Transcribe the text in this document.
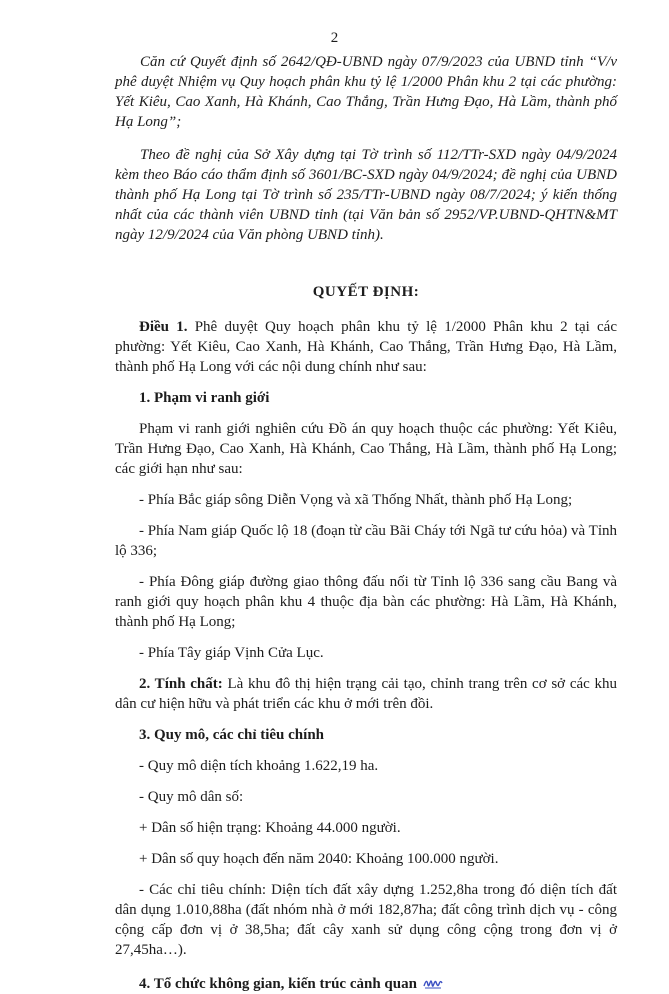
2

Căn cứ Quyết định số 2642/QĐ-UBND ngày 07/9/2023 của UBND tỉnh “V/v phê duyệt Nhiệm vụ Quy hoạch phân khu tỷ lệ 1/2000 Phân khu 2 tại các phường: Yết Kiêu, Cao Xanh, Hà Khánh, Cao Thắng, Trần Hưng Đạo, Hà Lầm, thành phố Hạ Long”;

Theo đề nghị của Sở Xây dựng tại Tờ trình số 112/TTr-SXD ngày 04/9/2024 kèm theo Báo cáo thẩm định số 3601/BC-SXD ngày 04/9/2024; đề nghị của UBND thành phố Hạ Long tại Tờ trình số 235/TTr-UBND ngày 08/7/2024; ý kiến thống nhất của các thành viên UBND tỉnh (tại Văn bản số 2952/VP.UBND-QHTN&MT ngày 12/9/2024 của Văn phòng UBND tỉnh).

QUYẾT ĐỊNH:

Điều 1. Phê duyệt Quy hoạch phân khu tỷ lệ 1/2000 Phân khu 2 tại các phường: Yết Kiêu, Cao Xanh, Hà Khánh, Cao Thắng, Trần Hưng Đạo, Hà Lầm, thành phố Hạ Long với các nội dung chính như sau:

1. Phạm vi ranh giới

Phạm vi ranh giới nghiên cứu Đồ án quy hoạch thuộc các phường: Yết Kiêu, Trần Hưng Đạo, Cao Xanh, Hà Khánh, Cao Thắng, Hà Lầm, thành phố Hạ Long; các giới hạn như sau:

- Phía Bắc giáp sông Diễn Vọng và xã Thống Nhất, thành phố Hạ Long;

- Phía Nam giáp Quốc lộ 18 (đoạn từ cầu Bãi Cháy tới Ngã tư cứu hỏa) và Tỉnh lộ 336;

- Phía Đông giáp đường giao thông đấu nối từ Tỉnh lộ 336 sang cầu Bang và ranh giới quy hoạch phân khu 4 thuộc địa bàn các phường: Hà Lầm, Hà Khánh, thành phố Hạ Long;

- Phía Tây giáp Vịnh Cửa Lục.

2. Tính chất: Là khu đô thị hiện trạng cải tạo, chỉnh trang trên cơ sở các khu dân cư hiện hữu và phát triển các khu ở mới trên đồi.

3. Quy mô, các chỉ tiêu chính

- Quy mô diện tích khoảng 1.622,19 ha.

- Quy mô dân số:

+ Dân số hiện trạng: Khoảng 44.000 người.

+ Dân số quy hoạch đến năm 2040: Khoảng 100.000 người.

- Các chỉ tiêu chính: Diện tích đất xây dựng 1.252,8ha trong đó diện tích đất dân dụng 1.010,88ha (đất nhóm nhà ở mới 182,87ha; đất công trình dịch vụ - công cộng cấp đơn vị ở 38,5ha; đất cây xanh sử dụng công cộng trong đơn vị ở 27,45ha…).

4. Tổ chức không gian, kiến trúc cảnh quan
